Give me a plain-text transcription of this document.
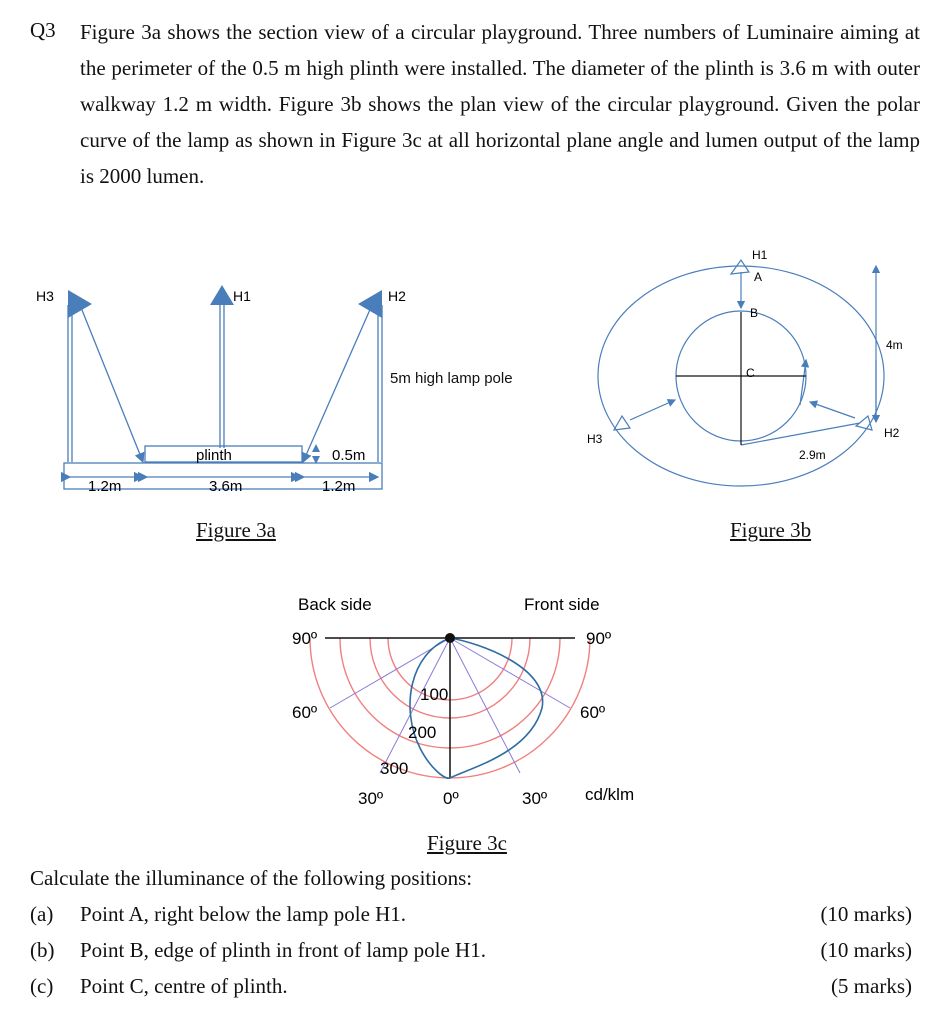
Q3 Figure 3a shows the section view of a circular playground. Three numbers of Luminaire aiming at the perimeter of the 0.5 m high plinth were installed. The diameter of the plinth is 3.6 m with outer walkway 1.2 m width. Figure 3b shows the plan view of the circular playground. Given the polar curve of the lamp as shown in Figure 3c at all horizontal plane angle and lumen output of the lamp is 2000 lumen.

H3	H1	H2
plinth	0.5m
1.2m	3.6m	1.2m
5m high lamp pole
Figure 3a
H1
A
B
C
4m
H2
H3
2.9m
Figure 3b
Back side	Front side
90º	90º
60º	60º
30º	0º	30º cd/klm
100
200
300
Figure 3c
Calculate the illuminance of the following positions:
(a) Point A, right below the lamp pole H1.	(10 marks)
(b) Point B, edge of plinth in front of lamp pole H1.	(10 marks)
(c) Point C, centre of plinth.	(5 marks)
